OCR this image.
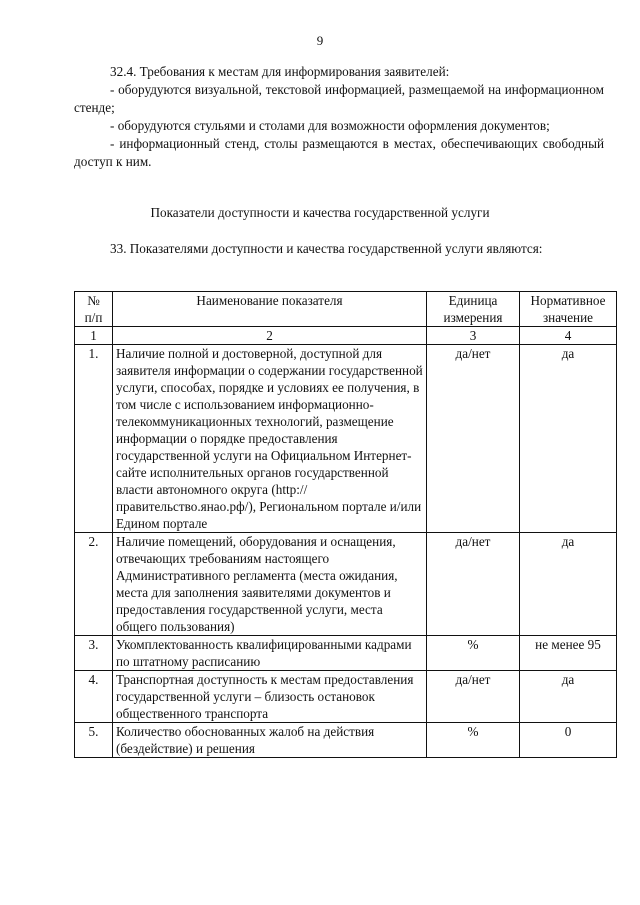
9

32.4. Требования к местам для информирования заявителей:

- оборудуются визуальной, текстовой информацией, размещаемой на информационном стенде;

- оборудуются стульями и столами для возможности оформления документов;

- информационный стенд, столы размещаются в местах, обеспечивающих свободный доступ к ним.

Показатели доступности и качества государственной услуги

33. Показателями доступности и качества государственной услуги являются:

№
п/п	Наименование показателя	Единица измерения	Нормативное значение
1	2	3	4
1.	Наличие полной и достоверной, доступной для заявителя информации о содержании государственной услуги, способах, порядке и условиях ее получения, в том числе с использованием информационно-телекоммуникационных технологий, размещение информации о порядке предоставления государственной услуги на Официальном Интернет-сайте исполнительных органов государственной власти автономного округа (http://правительство.янао.рф/), Региональном портале и/или Едином портале	да/нет	да
2.	Наличие помещений, оборудования и оснащения, отвечающих требованиям настоящего Административного регламента (места ожидания, места для заполнения заявителями документов и предоставления государственной услуги, места общего пользования)	да/нет	да
3.	Укомплектованность квалифицированными кадрами по штатному расписанию	%	не менее 95
4.	Транспортная доступность к местам предоставления государственной услуги – близость остановок общественного транспорта	да/нет	да
5.	Количество обоснованных жалоб на действия (бездействие) и решения	%	0
